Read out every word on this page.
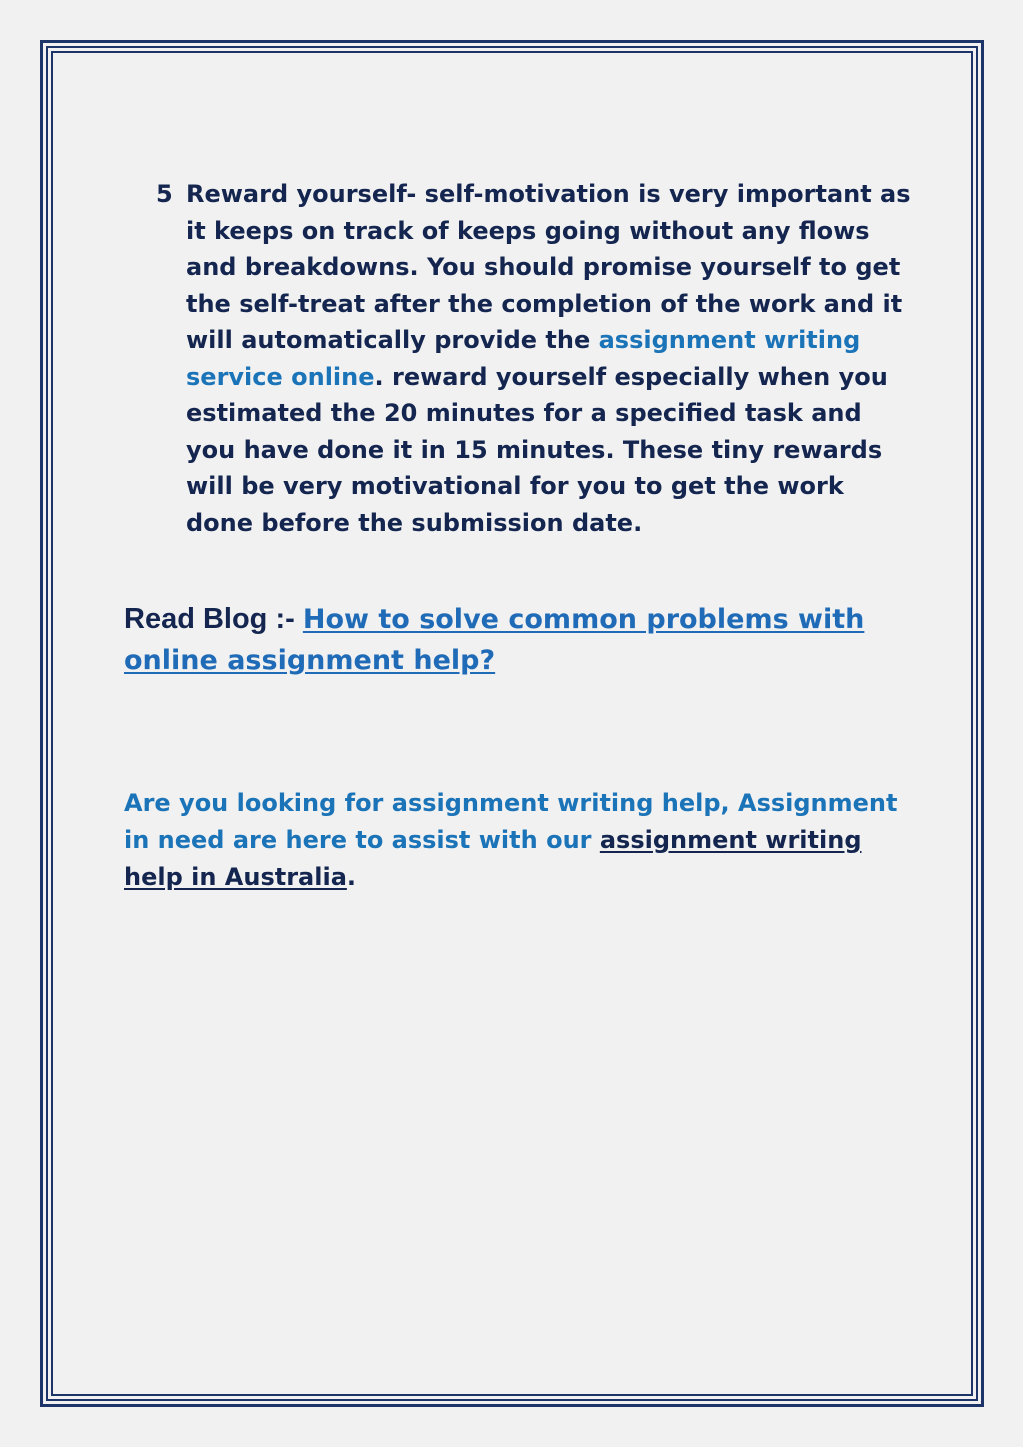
5 Reward yourself- self-motivation is very important as it keeps on track of keeps going without any flows and breakdowns. You should promise yourself to get the self-treat after the completion of the work and it will automatically provide the assignment writing service online. reward yourself especially when you estimated the 20 minutes for a specified task and you have done it in 15 minutes. These tiny rewards will be very motivational for you to get the work done before the submission date.
Read Blog :- How to solve common problems with online assignment help?
Are you looking for assignment writing help, Assignment in need are here to assist with our assignment writing help in Australia.
